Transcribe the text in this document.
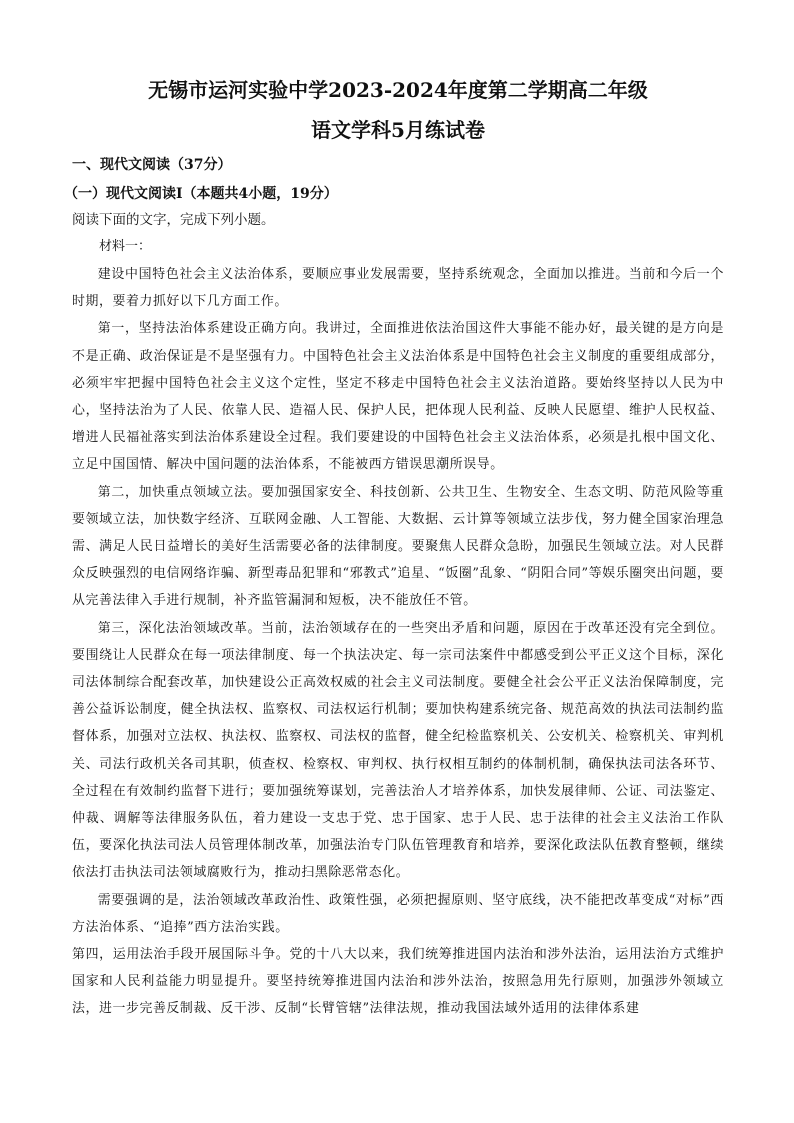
无锡市运河实验中学2023-2024年度第二学期高二年级
语文学科5月练试卷
一、现代文阅读（37分）
（一）现代文阅读Ⅰ（本题共4小题，19分）
阅读下面的文字，完成下列小题。
材料一：

建设中国特色社会主义法治体系，要顺应事业发展需要，坚持系统观念，全面加以推进。当前和今后一个时期，要着力抓好以下几方面工作。

第一，坚持法治体系建设正确方向。我讲过，全面推进依法治国这件大事能不能办好，最关键的是方向是不是正确、政治保证是不是坚强有力。中国特色社会主义法治体系是中国特色社会主义制度的重要组成部分，必须牢牢把握中国特色社会主义这个定性，坚定不移走中国特色社会主义法治道路。要始终坚持以人民为中心，坚持法治为了人民、依靠人民、造福人民、保护人民，把体现人民利益、反映人民愿望、维护人民权益、增进人民福祉落实到法治体系建设全过程。我们要建设的中国特色社会主义法治体系，必须是扎根中国文化、立足中国国情、解决中国问题的法治体系，不能被西方错误思潮所误导。

第二，加快重点领域立法。要加强国家安全、科技创新、公共卫生、生物安全、生态文明、防范风险等重要领域立法，加快数字经济、互联网金融、人工智能、大数据、云计算等领域立法步伐，努力健全国家治理急需、满足人民日益增长的美好生活需要必备的法律制度。要聚焦人民群众急盼，加强民生领域立法。对人民群众反映强烈的电信网络诈骗、新型毒品犯罪和“邪教式”追星、“饭圈”乱象、“阴阳合同”等娱乐圈突出问题，要从完善法律入手进行规制，补齐监管漏洞和短板，决不能放任不管。

第三，深化法治领域改革。当前，法治领域存在的一些突出矛盾和问题，原因在于改革还没有完全到位。要围绕让人民群众在每一项法律制度、每一个执法决定、每一宗司法案件中都感受到公平正义这个目标，深化司法体制综合配套改革，加快建设公正高效权威的社会主义司法制度。要健全社会公平正义法治保障制度，完善公益诉讼制度，健全执法权、监察权、司法权运行机制；要加快构建系统完备、规范高效的执法司法制约监督体系，加强对立法权、执法权、监察权、司法权的监督，健全纪检监察机关、公安机关、检察机关、审判机关、司法行政机关各司其职，侦查权、检察权、审判权、执行权相互制约的体制机制，确保执法司法各环节、全过程在有效制约监督下进行；要加强统筹谋划，完善法治人才培养体系，加快发展律师、公证、司法鉴定、仲裁、调解等法律服务队伍，着力建设一支忠于党、忠于国家、忠于人民、忠于法律的社会主义法治工作队伍，要深化执法司法人员管理体制改革，加强法治专门队伍管理教育和培养，要深化政法队伍教育整顿，继续依法打击执法司法领域腐败行为，推动扫黑除恶常态化。

需要强调的是，法治领域改革政治性、政策性强，必须把握原则、坚守底线，决不能把改革变成“对标”西方法治体系、“追捧”西方法治实践。

第四，运用法治手段开展国际斗争。党的十八大以来，我们统筹推进国内法治和涉外法治，运用法治方式维护国家和人民利益能力明显提升。要坚持统筹推进国内法治和涉外法治，按照急用先行原则，加强涉外领域立法，进一步完善反制裁、反干涉、反制“长臂管辖”法律法规，推动我国法域外适用的法律体系建
